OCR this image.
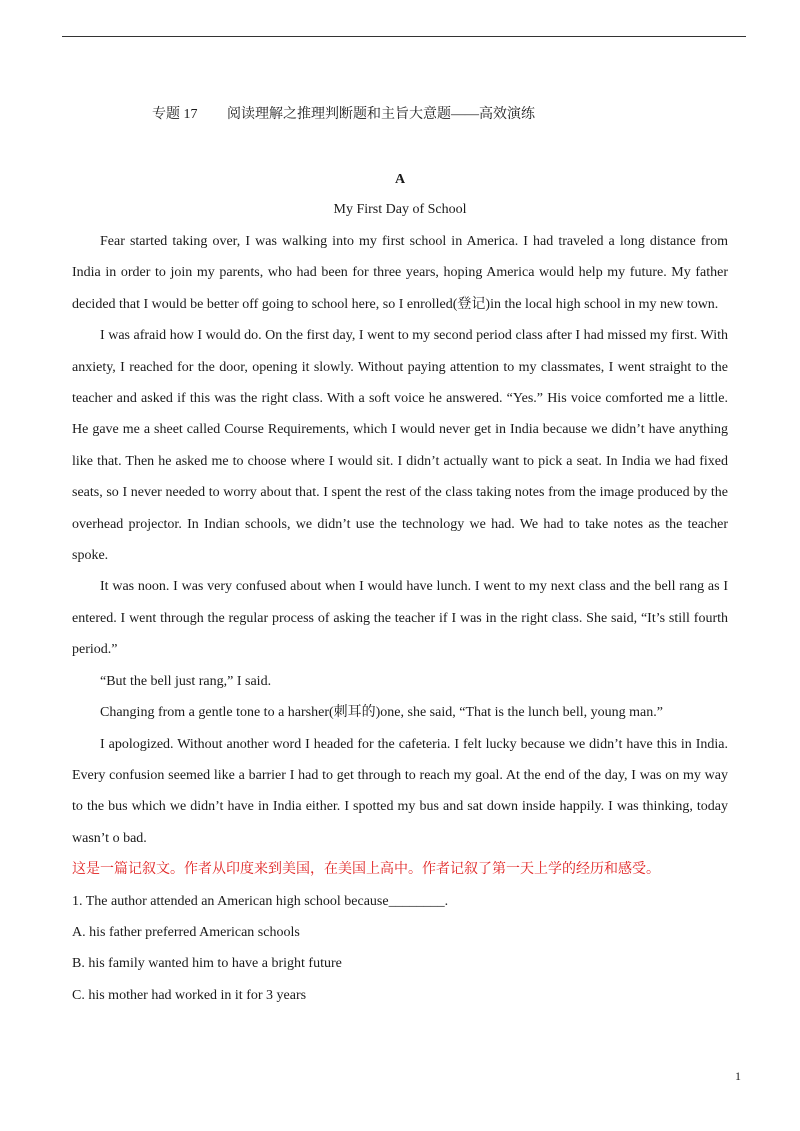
专题 17 阅读理解之推理判断题和主旨大意题——高效演练
A
My First Day of School

Fear started taking over, I was walking into my first school in America. I had traveled a long distance from India in order to join my parents, who had been for three years, hoping America would help my future. My father decided that I would be better off going to school here, so I enrolled(登记)in the local high school in my new town.

I was afraid how I would do. On the first day, I went to my second period class after I had missed my first. With anxiety, I reached for the door, opening it slowly. Without paying attention to my classmates, I went straight to the teacher and asked if this was the right class. With a soft voice he answered. “Yes.” His voice comforted me a little. He gave me a sheet called Course Requirements, which I would never get in India because we didn’t have anything like that. Then he asked me to choose where I would sit. I didn’t actually want to pick a seat. In India we had fixed seats, so I never needed to worry about that. I spent the rest of the class taking notes from the image produced by the overhead projector. In Indian schools, we didn’t use the technology we had. We had to take notes as the teacher spoke.

It was noon. I was very confused about when I would have lunch. I went to my next class and the bell rang as I entered. I went through the regular process of asking the teacher if I was in the right class. She said, “It’s still fourth period.”

“But the bell just rang,” I said.

Changing from a gentle tone to a harsher(刺耳的)one, she said, “That is the lunch bell, young man.”

I apologized. Without another word I headed for the cafeteria. I felt lucky because we didn’t have this in India. Every confusion seemed like a barrier I had to get through to reach my goal. At the end of the day, I was on my way to the bus which we didn’t have in India either. I spotted my bus and sat down inside happily. I was thinking, today wasn’t o bad.

这是一篇记叙文。作者从印度来到美国，在美国上高中。作者记叙了第一天上学的经历和感受。

1. The author attended an American high school because________.

A. his father preferred American schools

B. his family wanted him to have a bright future

C. his mother had worked in it for 3 years

1
